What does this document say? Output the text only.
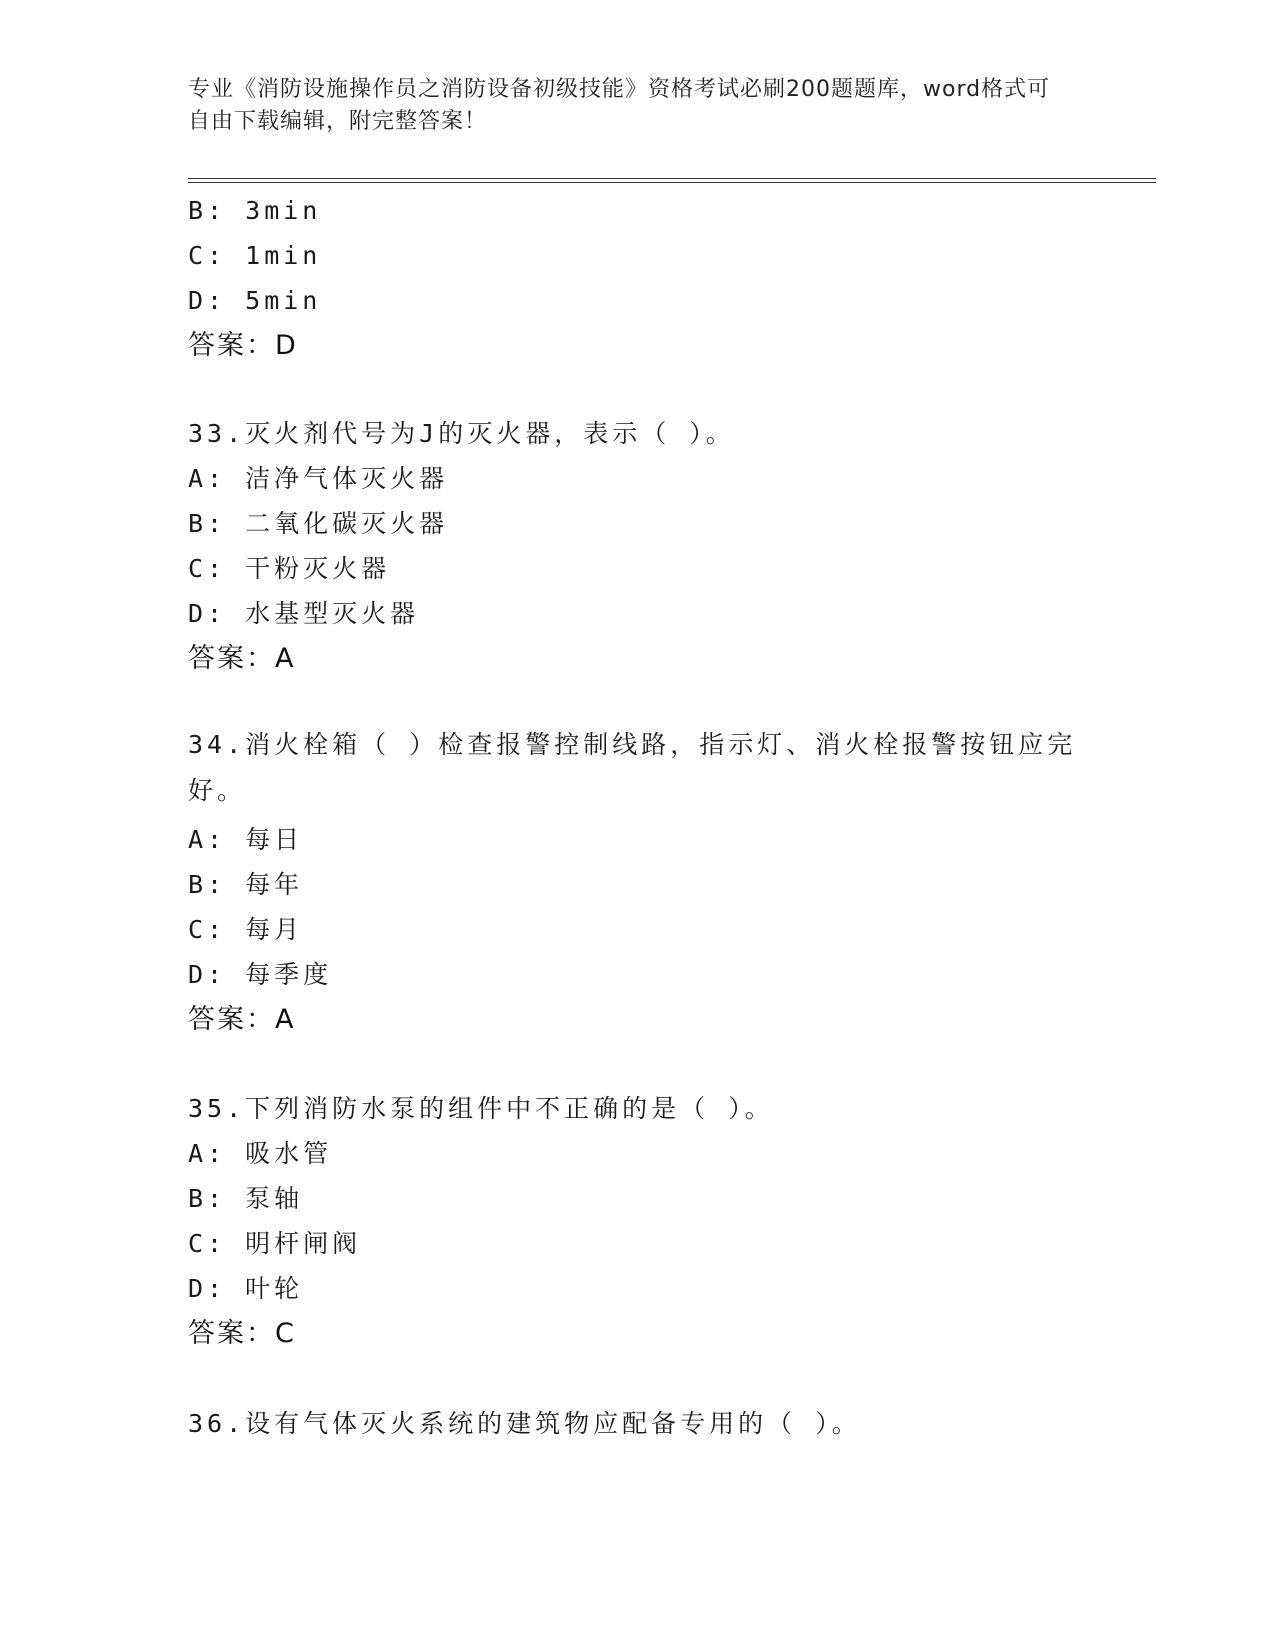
专业《消防设施操作员之消防设备初级技能》资格考试必刷200题题库，word格式可自由下载编辑，附完整答案！
B: 3min
C: 1min
D: 5min
答案：D
33.灭火剂代号为J的灭火器，表示（ ）。
A: 洁净气体灭火器
B: 二氧化碳灭火器
C: 干粉灭火器
D: 水基型灭火器
答案：A
34.消火栓箱（ ）检查报警控制线路，指示灯、消火栓报警按钮应完好。
A: 每日
B: 每年
C: 每月
D: 每季度
答案：A
35.下列消防水泵的组件中不正确的是（ ）。
A: 吸水管
B: 泵轴
C: 明杆闸阀
D: 叶轮
答案：C
36.设有气体灭火系统的建筑物应配备专用的（ ）。
